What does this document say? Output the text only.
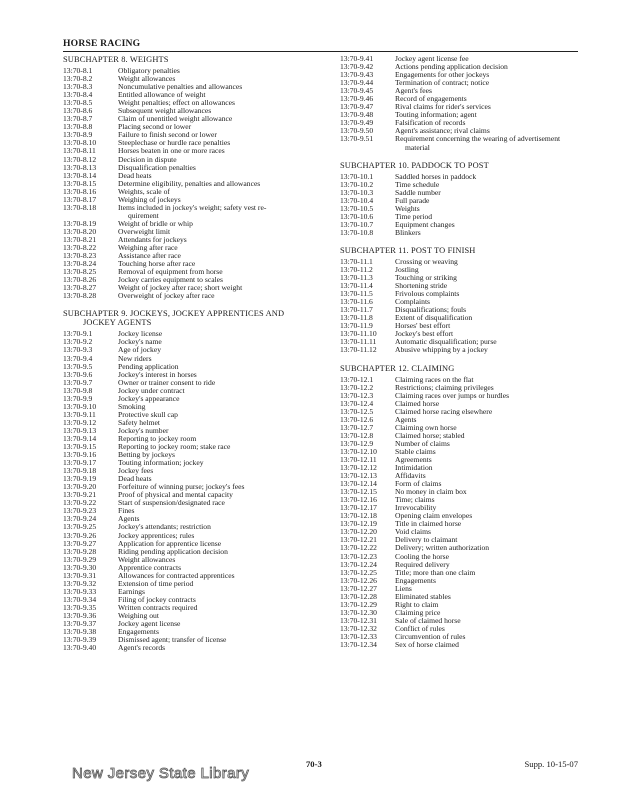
HORSE RACING
SUBCHAPTER 8. WEIGHTS
13:70-8.1	Obligatory penalties
13:70-8.2	Weight allowances
13:70-8.3	Noncumulative penalties and allowances
13:70-8.4	Entitled allowance of weight
13:70-8.5	Weight penalties; effect on allowances
13:70-8.6	Subsequent weight allowances
13:70-8.7	Claim of unentitled weight allowance
13:70-8.8	Placing second or lower
13:70-8.9	Failure to finish second or lower
13:70-8.10	Steeplechase or hurdle race penalties
13:70-8.11	Horses beaten in one or more races
13:70-8.12	Decision in dispute
13:70-8.13	Disqualification penalties
13:70-8.14	Dead heats
13:70-8.15	Determine eligibility, penalties and allowances
13:70-8.16	Weights, scale of
13:70-8.17	Weighing of jockeys
13:70-8.18	Items included in jockey's weight; safety vest re-
quirement
13:70-8.19	Weight of bridle or whip
13:70-8.20	Overweight limit
13:70-8.21	Attendants for jockeys
13:70-8.22	Weighing after race
13:70-8.23	Assistance after race
13:70-8.24	Touching horse after race
13:70-8.25	Removal of equipment from horse
13:70-8.26	Jockey carries equipment to scales
13:70-8.27	Weight of jockey after race; short weight
13:70-8.28	Overweight of jockey after race
SUBCHAPTER 9. JOCKEYS, JOCKEY APPRENTICES AND
JOCKEY AGENTS
13:70-9.1	Jockey license
13:70-9.2	Jockey's name
13:70-9.3	Age of jockey
13:70-9.4	New riders
13:70-9.5	Pending application
13:70-9.6	Jockey's interest in horses
13:70-9.7	Owner or trainer consent to ride
13:70-9.8	Jockey under contract
13:70-9.9	Jockey's appearance
13:70-9.10	Smoking
13:70-9.11	Protective skull cap
13:70-9.12	Safety helmet
13:70-9.13	Jockey's number
13:70-9.14	Reporting to jockey room
13:70-9.15	Reporting to jockey room; stake race
13:70-9.16	Betting by jockeys
13:70-9.17	Touting information; jockey
13:70-9.18	Jockey fees
13:70-9.19	Dead heats
13:70-9.20	Forfeiture of winning purse; jockey's fees
13:70-9.21	Proof of physical and mental capacity
13:70-9.22	Start of suspension/designated race
13:70-9.23	Fines
13:70-9.24	Agents
13:70-9.25	Jockey's attendants; restriction
13:70-9.26	Jockey apprentices; rules
13:70-9.27	Application for apprentice license
13:70-9.28	Riding pending application decision
13:70-9.29	Weight allowances
13:70-9.30	Apprentice contracts
13:70-9.31	Allowances for contracted apprentices
13:70-9.32	Extension of time period
13:70-9.33	Earnings
13:70-9.34	Filing of jockey contracts
13:70-9.35	Written contracts required
13:70-9.36	Weighing out
13:70-9.37	Jockey agent license
13:70-9.38	Engagements
13:70-9.39	Dismissed agent; transfer of license
13:70-9.40	Agent's records
13:70-9.41	Jockey agent license fee
13:70-9.42	Actions pending application decision
13:70-9.43	Engagements for other jockeys
13:70-9.44	Termination of contract; notice
13:70-9.45	Agent's fees
13:70-9.46	Record of engagements
13:70-9.47	Rival claims for rider's services
13:70-9.48	Touting information; agent
13:70-9.49	Falsification of records
13:70-9.50	Agent's assistance; rival claims
13:70-9.51	Requirement concerning the wearing of advertisement
material
SUBCHAPTER 10. PADDOCK TO POST
13:70-10.1	Saddled horses in paddock
13:70-10.2	Time schedule
13:70-10.3	Saddle number
13:70-10.4	Full parade
13:70-10.5	Weights
13:70-10.6	Time period
13:70-10.7	Equipment changes
13:70-10.8	Blinkers
SUBCHAPTER 11. POST TO FINISH
13:70-11.1	Crossing or weaving
13:70-11.2	Jostling
13:70-11.3	Touching or striking
13:70-11.4	Shortening stride
13:70-11.5	Frivolous complaints
13:70-11.6	Complaints
13:70-11.7	Disqualifications; fouls
13:70-11.8	Extent of disqualification
13:70-11.9	Horses' best effort
13:70-11.10	Jockey's best effort
13:70-11.11	Automatic disqualification; purse
13:70-11.12	Abusive whipping by a jockey
SUBCHAPTER 12. CLAIMING
13:70-12.1	Claiming races on the flat
13:70-12.2	Restrictions; claiming privileges
13:70-12.3	Claiming races over jumps or hurdles
13:70-12.4	Claimed horse
13:70-12.5	Claimed horse racing elsewhere
13:70-12.6	Agents
13:70-12.7	Claiming own horse
13:70-12.8	Claimed horse; stabled
13:70-12.9	Number of claims
13:70-12.10	Stable claims
13:70-12.11	Agreements
13:70-12.12	Intimidation
13:70-12.13	Affidavits
13:70-12.14	Form of claims
13:70-12.15	No money in claim box
13:70-12.16	Time; claims
13:70-12.17	Irrevocability
13:70-12.18	Opening claim envelopes
13:70-12.19	Title in claimed horse
13:70-12.20	Void claims
13:70-12.21	Delivery to claimant
13:70-12.22	Delivery; written authorization
13:70-12.23	Cooling the horse
13:70-12.24	Required delivery
13:70-12.25	Title; more than one claim
13:70-12.26	Engagements
13:70-12.27	Liens
13:70-12.28	Eliminated stables
13:70-12.29	Right to claim
13:70-12.30	Claiming price
13:70-12.31	Sale of claimed horse
13:70-12.32	Conflict of rules
13:70-12.33	Circumvention of rules
13:70-12.34	Sex of horse claimed
70-3	Supp. 10-15-07
New Jersey State Library
